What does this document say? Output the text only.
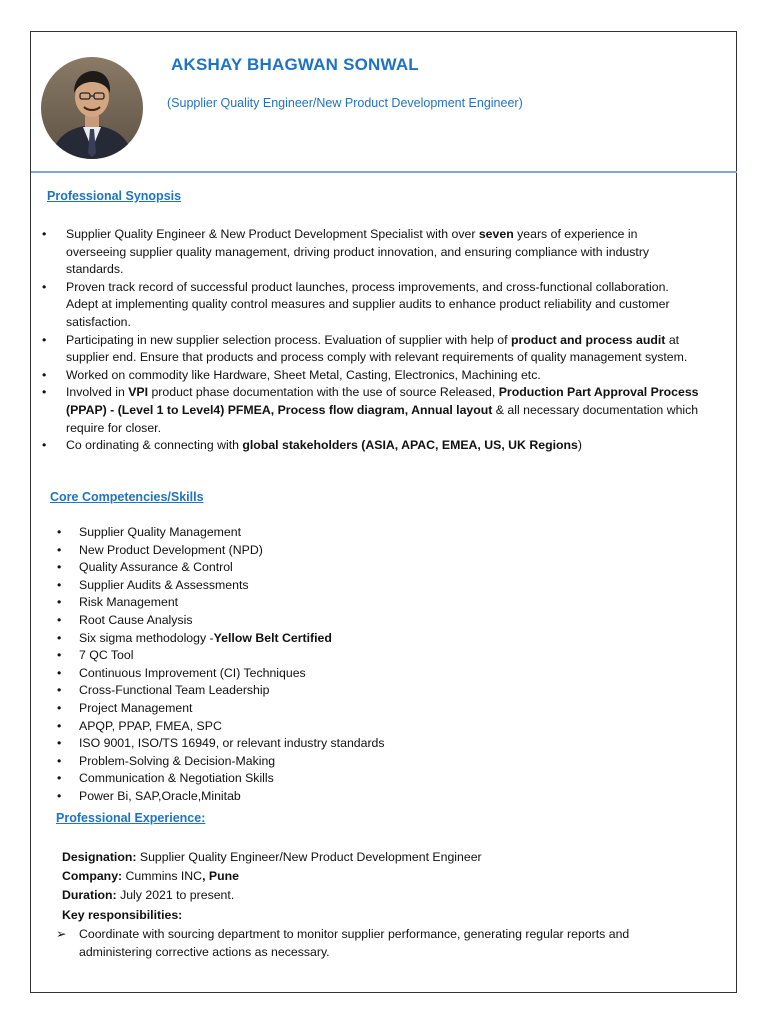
AKSHAY BHAGWAN SONWAL
(Supplier Quality Engineer/New Product Development Engineer)
Professional Synopsis
• Supplier Quality Engineer & New Product Development Specialist with over seven years of experience in overseeing supplier quality management, driving product innovation, and ensuring compliance with industry standards.
• Proven track record of successful product launches, process improvements, and cross-functional collaboration. Adept at implementing quality control measures and supplier audits to enhance product reliability and customer satisfaction.
• Participating in new supplier selection process. Evaluation of supplier with help of product and process audit at supplier end. Ensure that products and process comply with relevant requirements of quality management system.
• Worked on commodity like Hardware, Sheet Metal, Casting, Electronics, Machining etc.
• Involved in VPI product phase documentation with the use of source Released, Production Part Approval Process (PPAP) - (Level 1 to Level4) PFMEA, Process flow diagram, Annual layout & all necessary documentation which require for closer.
• Co ordinating & connecting with global stakeholders (ASIA, APAC, EMEA, US, UK Regions)
Core Competencies/Skills
• Supplier Quality Management
• New Product Development (NPD)
• Quality Assurance & Control
• Supplier Audits & Assessments
• Risk Management
• Root Cause Analysis
• Six sigma methodology -Yellow Belt Certified
• 7 QC Tool
• Continuous Improvement (CI) Techniques
• Cross-Functional Team Leadership
• Project Management
• APQP, PPAP, FMEA, SPC
• ISO 9001, ISO/TS 16949, or relevant industry standards
• Problem-Solving & Decision-Making
• Communication & Negotiation Skills
• Power Bi, SAP,Oracle,Minitab
Professional Experience:
Designation: Supplier Quality Engineer/New Product Development Engineer
Company: Cummins INC, Pune
Duration: July 2021 to present.
Key responsibilities:
➢ Coordinate with sourcing department to monitor supplier performance, generating regular reports and administering corrective actions as necessary.
